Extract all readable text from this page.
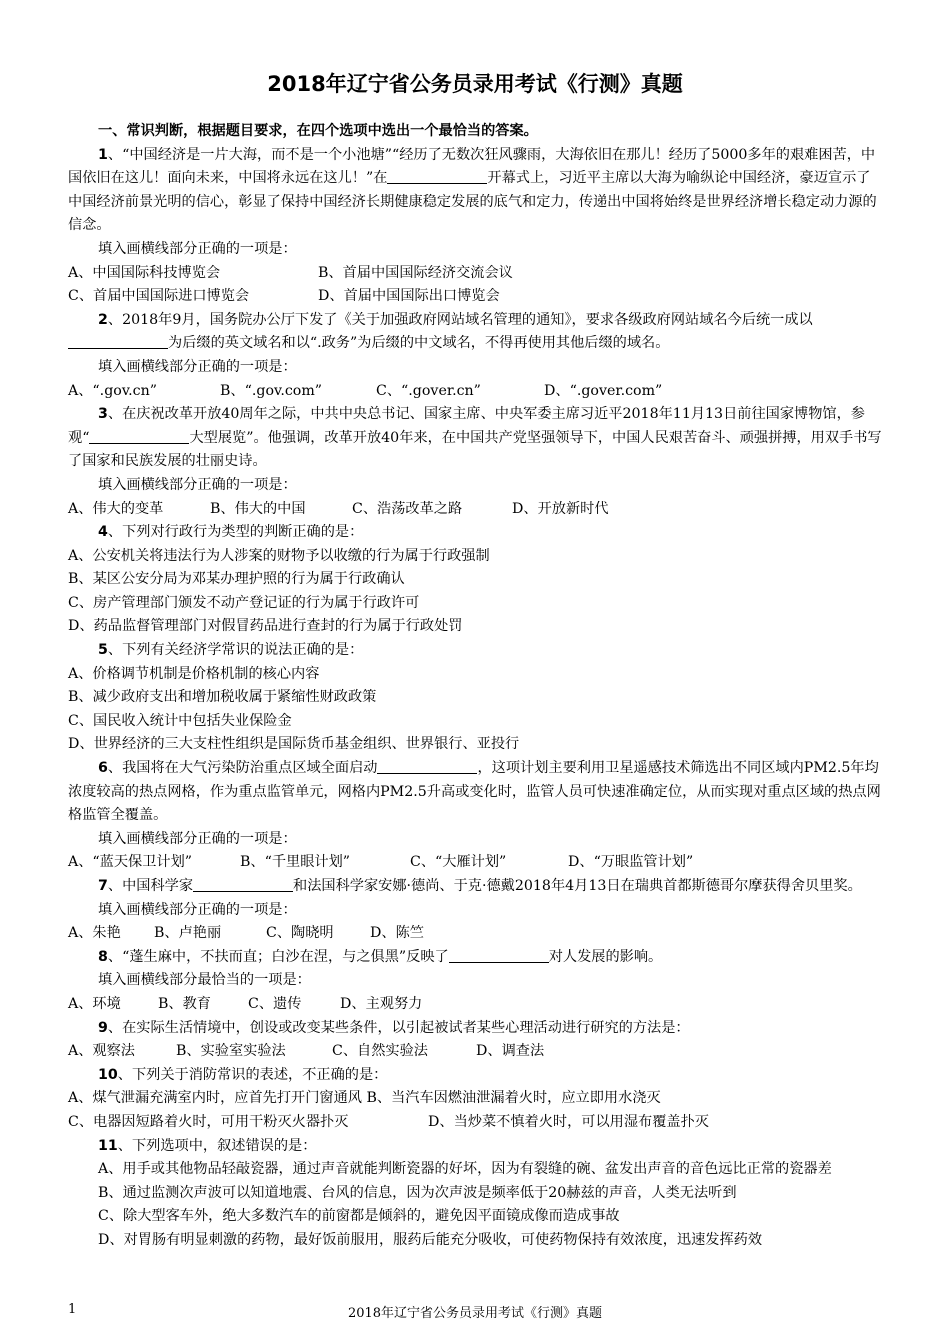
2018年辽宁省公务员录用考试《行测》真题

一、常识判断，根据题目要求，在四个选项中选出一个最恰当的答案。

1、“中国经济是一片大海，而不是一个小池塘”“经历了无数次狂风骤雨，大海依旧在那儿！经历了5000多年的艰难困苦，中国依旧在这儿！面向未来，中国将永远在这儿！”在	开幕式上，习近平主席以大海为喻纵论中国经济，豪迈宣示了中国经济前景光明的信心，彰显了保持中国经济长期健康稳定发展的底气和定力，传递出中国将始终是世界经济增长稳定动力源的信念。

填入画横线部分正确的一项是：

A、中国国际科技博览会	B、首届中国国际经济交流会议

C、首届中国国际进口博览会	D、首届中国国际出口博览会

2、2018年9月，国务院办公厅下发了《关于加强政府网站域名管理的通知》，要求各级政府网站域名今后统一成以为后缀的英文域名和以“.政务”为后缀的中文域名，不得再使用其他后缀的域名。

填入画横线部分正确的一项是：

A、“.gov.cn”	B、“.gov.com”	C、“.gover.cn”	D、“.gover.com”

3、在庆祝改革开放40周年之际，中共中央总书记、国家主席、中央军委主席习近平2018年11月13日前往国家博物馆，参观“	大型展览”。他强调，改革开放40年来，在中国共产党坚强领导下，中国人民艰苦奋斗、顽强拼搏，用双手书写了国家和民族发展的壮丽史诗。

填入画横线部分正确的一项是：

A、伟大的变革	B、伟大的中国	C、浩荡改革之路	D、开放新时代

4、下列对行政行为类型的判断正确的是：

A、公安机关将违法行为人涉案的财物予以收缴的行为属于行政强制

B、某区公安分局为邓某办理护照的行为属于行政确认

C、房产管理部门颁发不动产登记证的行为属于行政许可

D、药品监督管理部门对假冒药品进行查封的行为属于行政处罚

5、下列有关经济学常识的说法正确的是：

A、价格调节机制是价格机制的核心内容

B、减少政府支出和增加税收属于紧缩性财政政策

C、国民收入统计中包括失业保险金

D、世界经济的三大支柱性组织是国际货币基金组织、世界银行、亚投行

6、我国将在大气污染防治重点区域全面启动	，这项计划主要利用卫星遥感技术筛选出不同区域内PM2.5年均浓度较高的热点网格，作为重点监管单元，网格内PM2.5升高或变化时，监管人员可快速准确定位，从而实现对重点区域的热点网格监管全覆盖。

填入画横线部分正确的一项是：

A、“蓝天保卫计划”	B、“千里眼计划”	C、“大雁计划”	D、“万眼监管计划”

7、中国科学家	和法国科学家安娜·德尚、于克·德戴2018年4月13日在瑞典首都斯德哥尔摩获得舍贝里奖。

填入画横线部分正确的一项是：

A、朱艳 B、卢艳丽	C、陶晓明	D、陈竺

8、“蓬生麻中，不扶而直；白沙在涅，与之俱黑”反映了	对人发展的影响。

填入画横线部分最恰当的一项是：

A、环境	B、教育	C、遗传	D、主观努力

9、在实际生活情境中，创设或改变某些条件，以引起被试者某些心理活动进行研究的方法是：

A、观察法	B、实验室实验法	C、自然实验法	D、调查法

10、下列关于消防常识的表述，不正确的是：

A、煤气泄漏充满室内时，应首先打开门窗通风 B、当汽车因燃油泄漏着火时，应立即用水浇灭

C、电器因短路着火时，可用干粉灭火器扑灭	D、当炒菜不慎着火时，可以用湿布覆盖扑灭

11、下列选项中，叙述错误的是：

A、用手或其他物品轻敲瓷器，通过声音就能判断瓷器的好坏，因为有裂缝的碗、盆发出声音的音色远比正常的瓷器差

B、通过监测次声波可以知道地震、台风的信息，因为次声波是频率低于20赫兹的声音，人类无法听到

C、除大型客车外，绝大多数汽车的前窗都是倾斜的，避免因平面镜成像而造成事故

D、对胃肠有明显刺激的药物，最好饭前服用，服药后能充分吸收，可使药物保持有效浓度，迅速发挥药效

1	2018年辽宁省公务员录用考试《行测》真题
